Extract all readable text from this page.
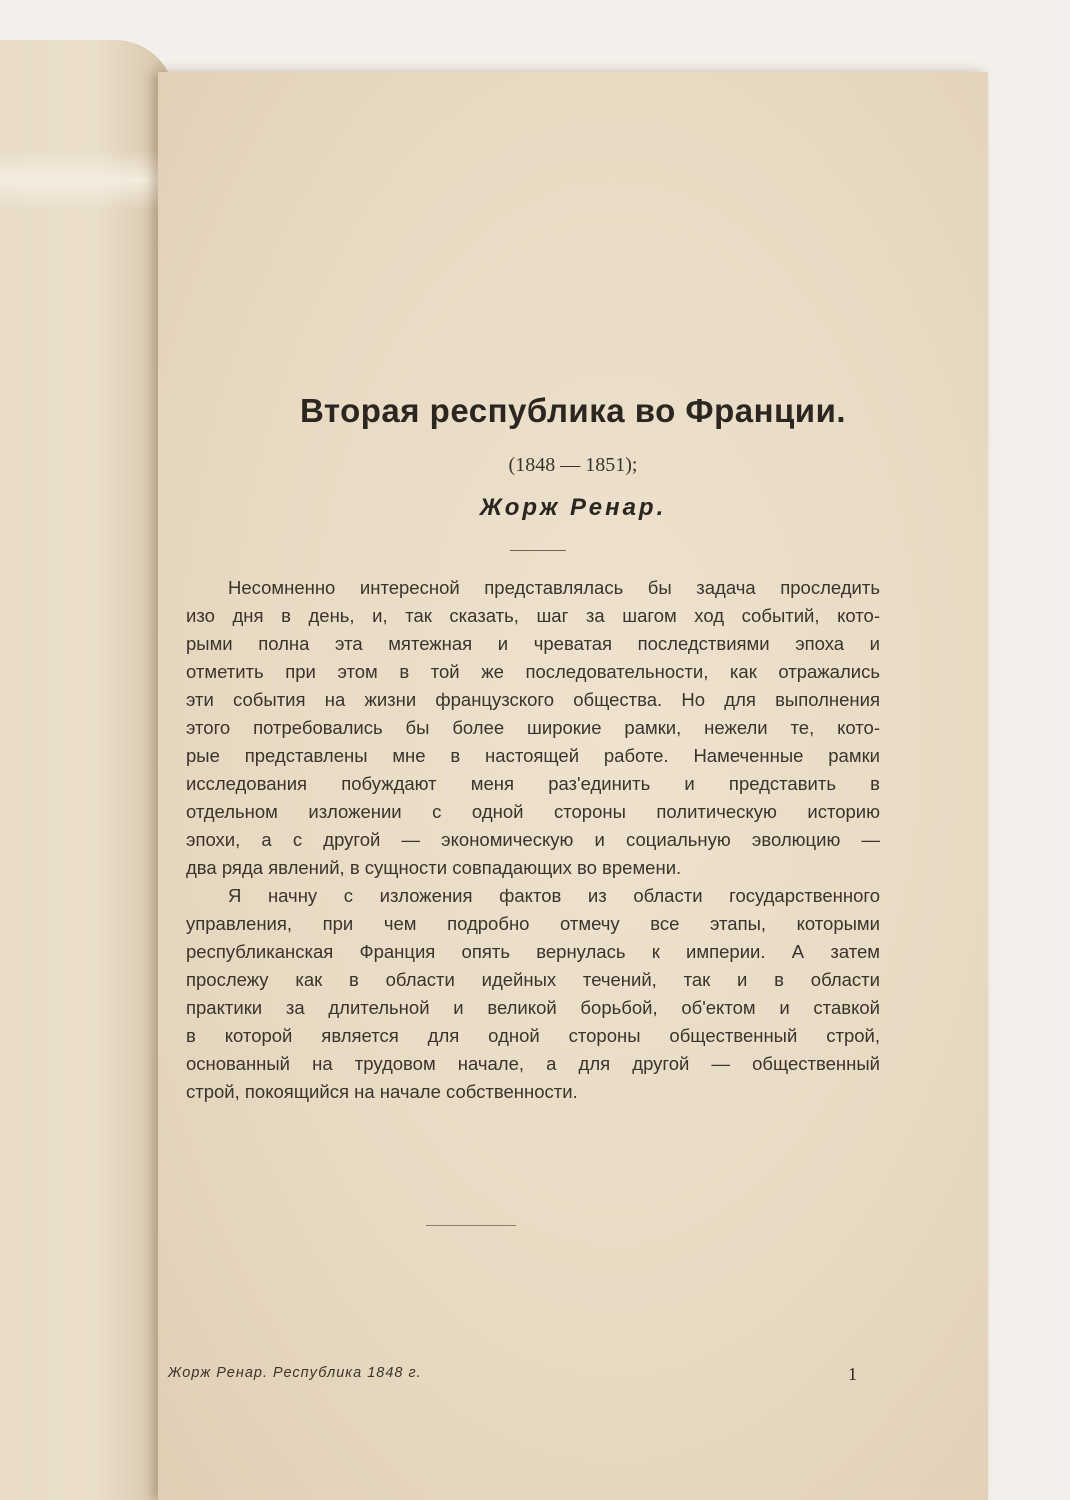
Вторая республика во Франции.
(1848 — 1851);
Жорж Ренар.
Несомненно интересной представлялась бы задача проследить
изо дня в день, и, так сказать, шаг за шагом ход событий, кото-
рыми полна эта мятежная и чреватая последствиями эпоха и
отметить при этом в той же последовательности, как отражались
эти события на жизни французского общества. Но для выполнения
этого потребовались бы более широкие рамки, нежели те, кото-
рые представлены мне в настоящей работе. Намеченные рамки
исследования побуждают меня раз'единить и представить в
отдельном изложении с одной стороны политическую историю
эпохи, а с другой — экономическую и социальную эволюцию —
два ряда явлений, в сущности совпадающих во времени.
Я начну с изложения фактов из области государственного
управления, при чем подробно отмечу все этапы, которыми
республиканская Франция опять вернулась к империи. А затем
прослежу как в области идейных течений, так и в области
практики за длительной и великой борьбой, об'ектом и ставкой
в которой является для одной стороны общественный строй,
основанный на трудовом начале, а для другой — общественный
строй, покоящийся на начале собственности.
Жорж Ренар. Республика 1848 г.	1
